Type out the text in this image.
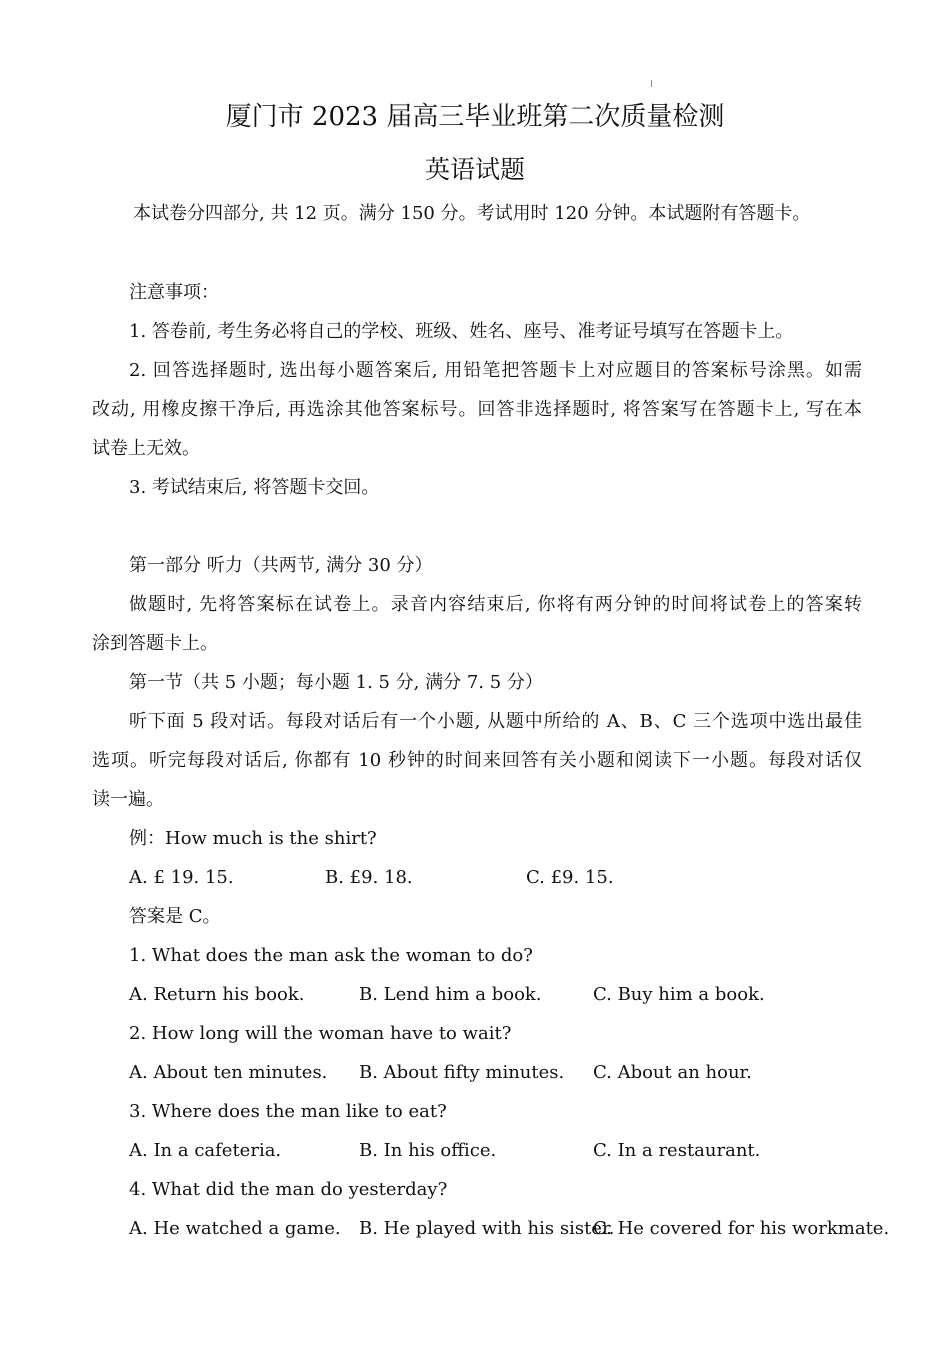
厦门市 2023 届高三毕业班第二次质量检测
英语试题
本试卷分四部分, 共 12 页。满分 150 分。考试用时 120 分钟。本试题附有答题卡。
注意事项：
1. 答卷前, 考生务必将自己的学校、班级、姓名、座号、准考证号填写在答题卡上。
2. 回答选择题时, 选出每小题答案后, 用铅笔把答题卡上对应题目的答案标号涂黑。如需
改动, 用橡皮擦干净后, 再选涂其他答案标号。回答非选择题时, 将答案写在答题卡上, 写在本
试卷上无效。
3. 考试结束后, 将答题卡交回。
第一部分 听力（共两节, 满分 30 分）
做题时, 先将答案标在试卷上。录音内容结束后, 你将有两分钟的时间将试卷上的答案转
涂到答题卡上。
第一节（共 5 小题；每小题 1. 5 分, 满分 7. 5 分）
听下面 5 段对话。每段对话后有一个小题, 从题中所给的 A、B、C 三个选项中选出最佳
选项。听完每段对话后, 你都有 10 秒钟的时间来回答有关小题和阅读下一小题。每段对话仅
读一遍。
例：How much is the shirt?
A. £ 19. 15.	B. £9. 18.	C. £9. 15.
答案是 C。
1. What does the man ask the woman to do?
A. Return his book.	B. Lend him a book.	C. Buy him a book.
2. How long will the woman have to wait?
A. About ten minutes. B. About fifty minutes. C. About an hour.
3. Where does the man like to eat?
A. In a cafeteria.	B. In his office.	C. In a restaurant.
4. What did the man do yesterday?
A. He watched a game. B. He played with his sister.
C. He covered for his workmate.
